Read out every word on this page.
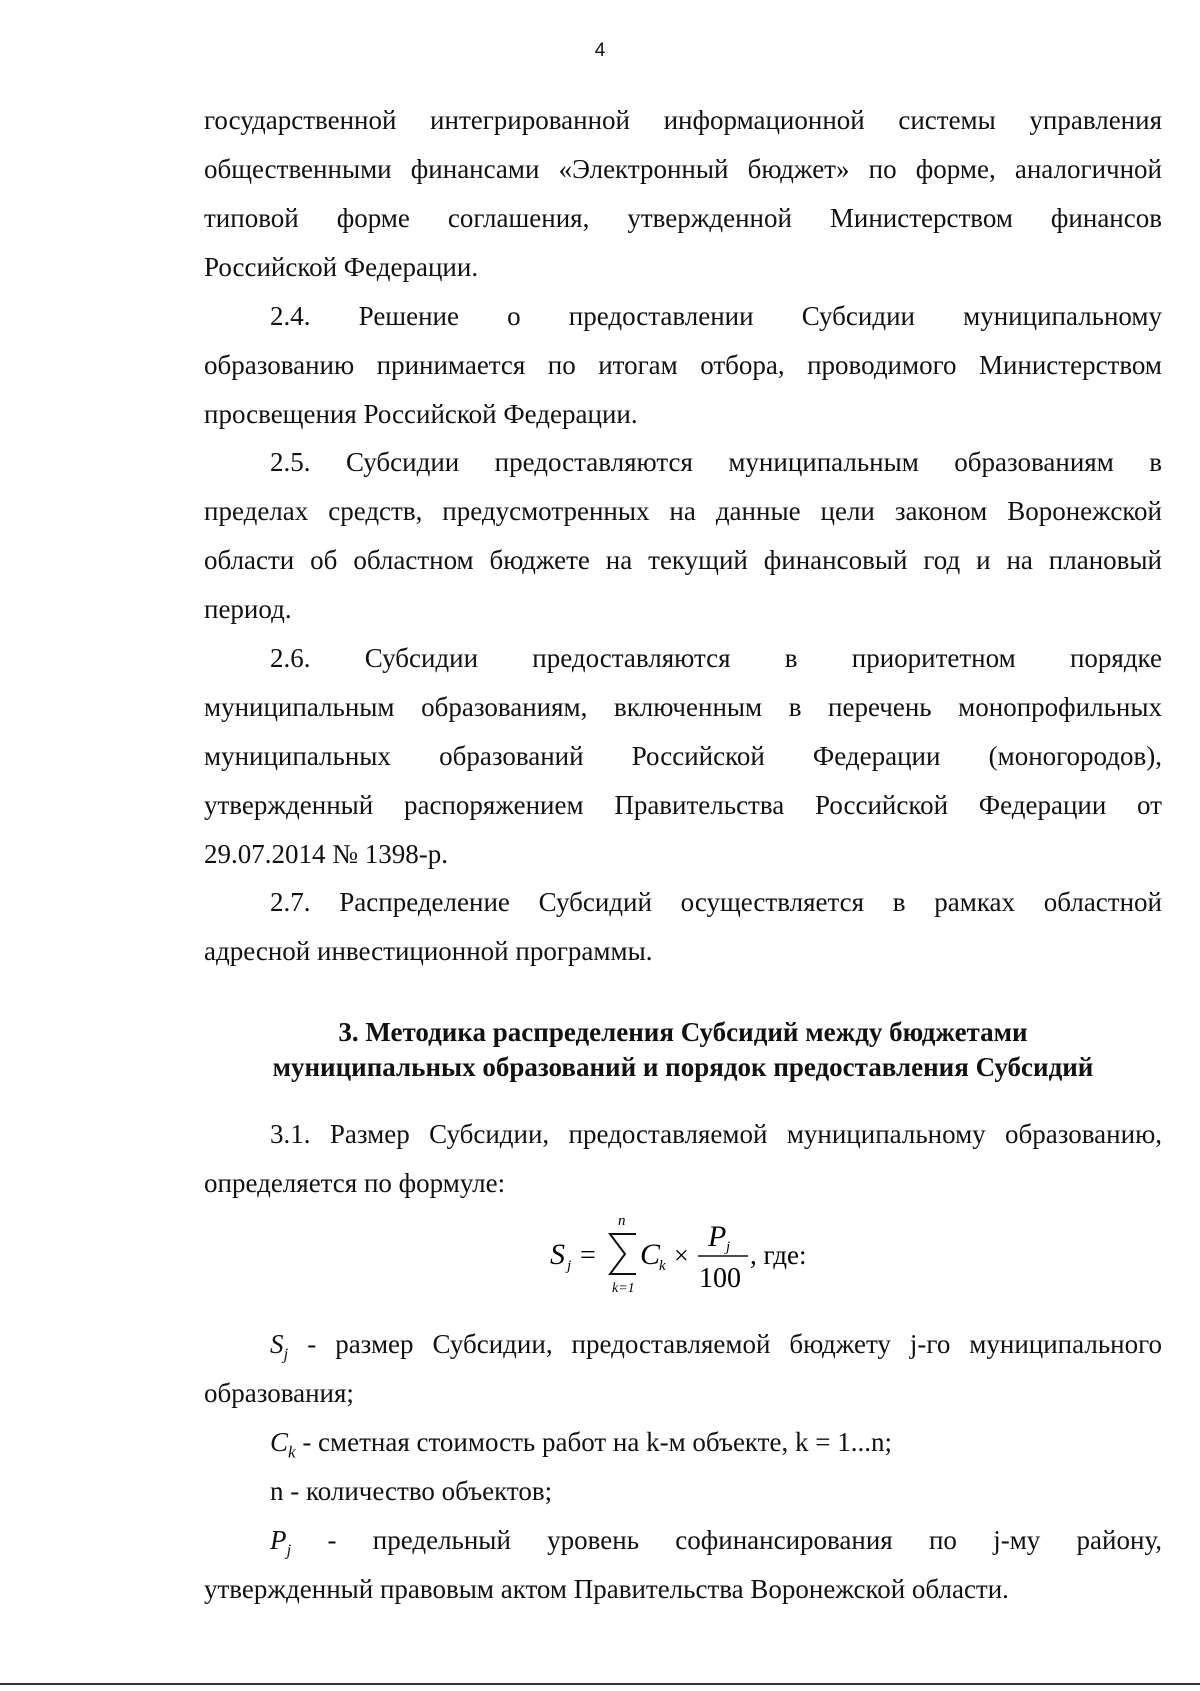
4
государственной интегрированной информационной системы управления
общественными финансами «Электронный бюджет» по форме, аналогичной
типовой форме соглашения, утвержденной Министерством финансов
Российской Федерации.
2.4. Решение о предоставлении Субсидии муниципальному
образованию принимается по итогам отбора, проводимого Министерством
просвещения Российской Федерации.
2.5. Субсидии предоставляются муниципальным образованиям в
пределах средств, предусмотренных на данные цели законом Воронежской
области об областном бюджете на текущий финансовый год и на плановый
период.
2.6. Субсидии предоставляются в приоритетном порядке
муниципальным образованиям, включенным в перечень монопрофильных
муниципальных образований Российской Федерации (моногородов),
утвержденный распоряжением Правительства Российской Федерации от
29.07.2014 № 1398-р.
2.7. Распределение Субсидий осуществляется в рамках областной
адресной инвестиционной программы.
3. Методика распределения Субсидий между бюджетами
муниципальных образований и порядок предоставления Субсидий
3.1. Размер Субсидии, предоставляемой муниципальному образованию,
определяется по формуле:
S j =
n
k=1
C
k ×
P j
100
, где:
$S_j$ - размер Субсидии, предоставляемой бюджету j-го муниципального
образования;
$C_k$ - сметная стоимость работ на k-м объекте, k = 1...n;
n - количество объектов;
$P_j$ - предельный уровень софинансирования по j-му району,
утвержденный правовым актом Правительства Воронежской области.
